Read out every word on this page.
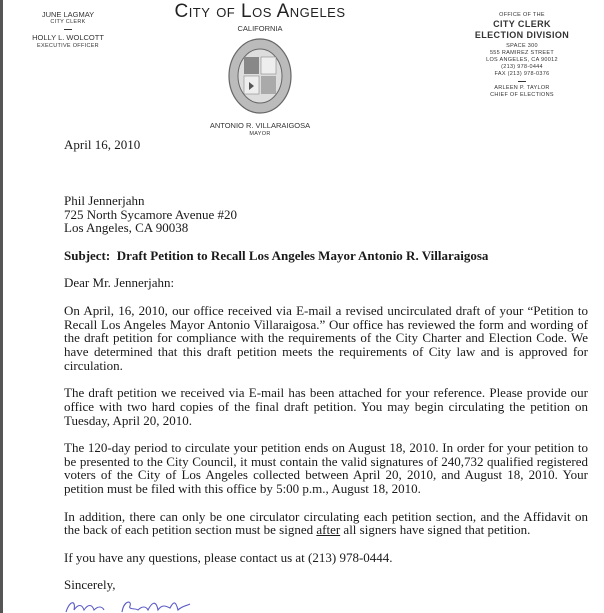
JUNE LAGMAY
CITY CLERK
HOLLY L. WOLCOTT
EXECUTIVE OFFICER
City of Los Angeles
CALIFORNIA
ANTONIO R. VILLARAIGOSA
MAYOR
OFFICE OF THE
CITY CLERK
ELECTION DIVISION
SPACE 300
555 RAMIREZ STREET
LOS ANGELES, CA 90012
(213) 978-0444
FAX (213) 978-0376
ARLEEN P. TAYLOR
CHIEF OF ELECTIONS
April 16, 2010
Phil Jennerjahn
725 North Sycamore Avenue #20
Los Angeles, CA 90038
Subject: Draft Petition to Recall Los Angeles Mayor Antonio R. Villaraigosa
Dear Mr. Jennerjahn:

On April, 16, 2010, our office received via E-mail a revised uncirculated draft of your “Petition to Recall Los Angeles Mayor Antonio Villaraigosa.” Our office has reviewed the form and wording of the draft petition for compliance with the requirements of the City Charter and Election Code. We have determined that this draft petition meets the requirements of City law and is approved for circulation.

The draft petition we received via E-mail has been attached for your reference. Please provide our office with two hard copies of the final draft petition. You may begin circulating the petition on Tuesday, April 20, 2010.

The 120-day period to circulate your petition ends on August 18, 2010. In order for your petition to be presented to the City Council, it must contain the valid signatures of 240,732 qualified registered voters of the City of Los Angeles collected between April 20, 2010, and August 18, 2010. Your petition must be filed with this office by 5:00 p.m., August 18, 2010.

In addition, there can only be one circulator circulating each petition section, and the Affidavit on the back of each petition section must be signed after all signers have signed that petition.

If you have any questions, please contact us at (213) 978-0444.

Sincerely,
